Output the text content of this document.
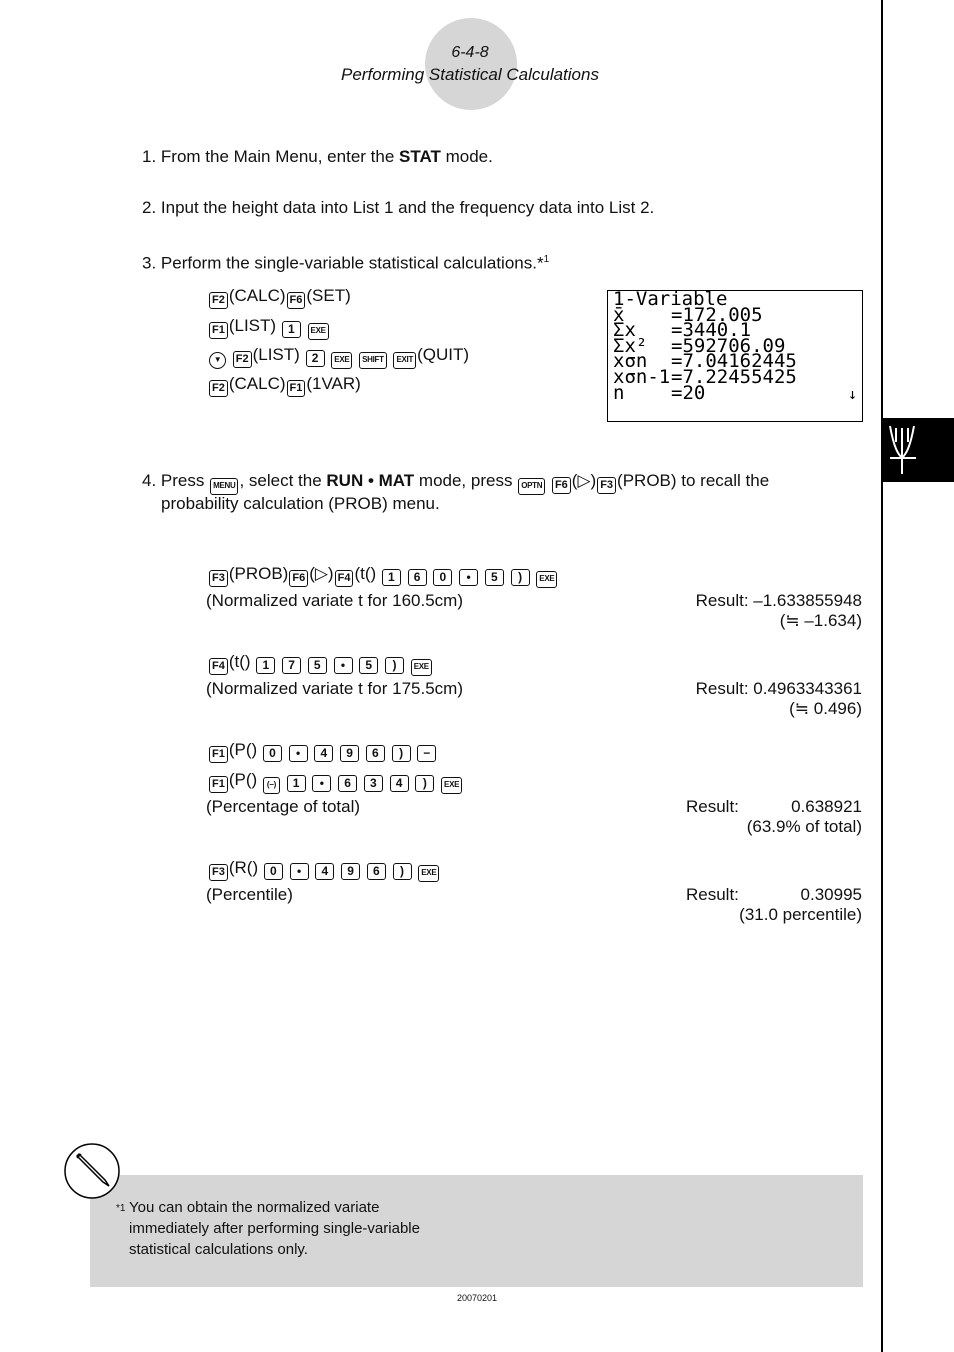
6-4-8
Performing Statistical Calculations
1. From the Main Menu, enter the STAT mode.
2. Input the height data into List 1 and the frequency data into List 2.
3. Perform the single-variable statistical calculations.*$^1$
F2 (CALC) F6 (SET)
F1 (LIST) 1 EXE
▼ F2 (LIST) 2 EXE SHIFT EXIT (QUIT)
F2 (CALC) F1 (1VAR)
1-Variable
x̄	=172.005
Σx	=3440.1
Σx²	=592706.09
xσn	=7.04162445
xσn-1 =7.22455425
n	=20	↓
4. Press MENU , select the RUN • MAT mode, press OPTN F6 (▷) F3 (PROB) to recall the
probability calculation (PROB) menu.
F3 (PROB) F6 (▷) F4 (t() 1 6 0 • 5 ) EXE
(Normalized variate t for 160.5cm)	Result: –1.633855948
(≒ –1.634)
F4 (t() 1 7 5 • 5 ) EXE
(Normalized variate t for 175.5cm)	Result: 0.4963343361
(≒ 0.496)
F1 (P() 0 • 4 9 6 ) −
F1 (P() (−) 1 • 6 3 4 ) EXE
(Percentage of total)	Result:	0.638921
(63.9% of total)
F3 (R() 0 • 4 9 6 ) EXE
(Percentile)	Result:	0.30995
(31.0 percentile)
*1 You can obtain the normalized variate
immediately after performing single-variable
statistical calculations only.
20070201
